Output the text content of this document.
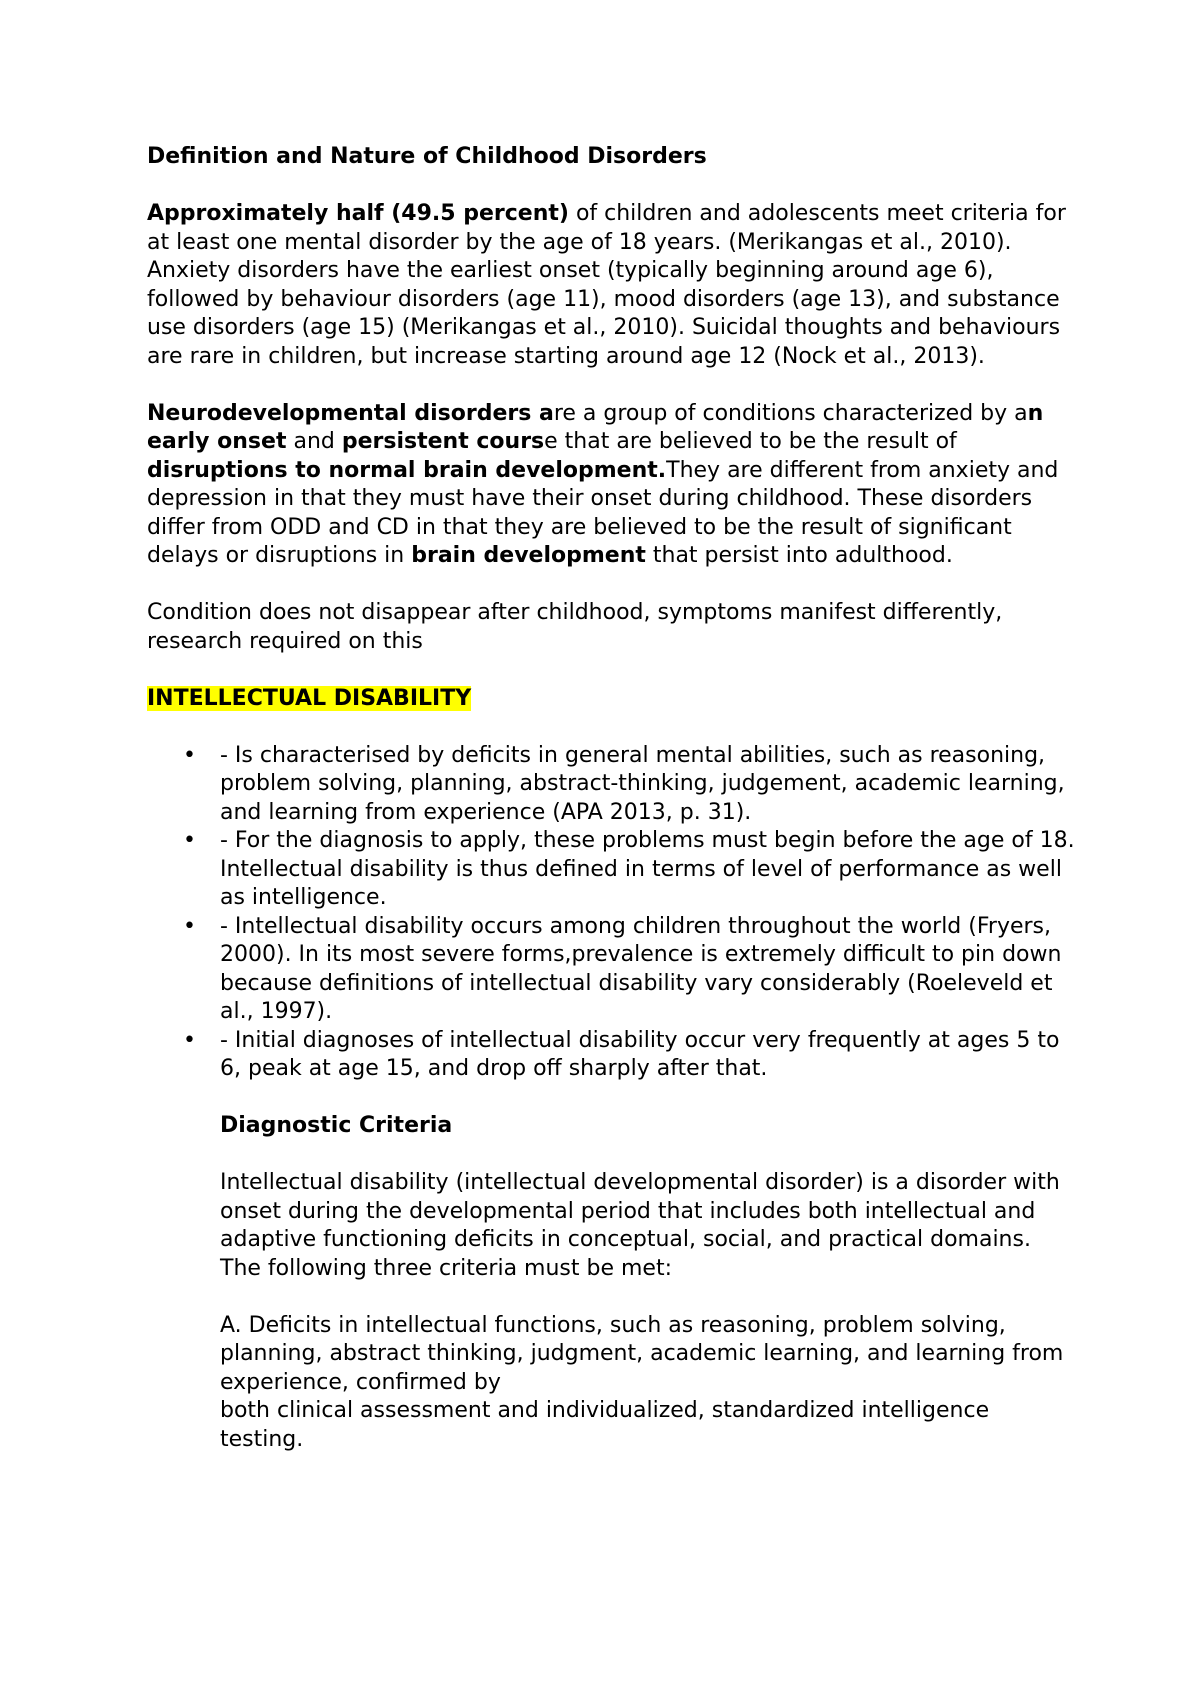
Definition and Nature of Childhood Disorders

Approximately half (49.5 percent) of children and adolescents meet criteria for at least one mental disorder by the age of 18 years. (Merikangas et al., 2010). Anxiety disorders have the earliest onset (typically beginning around age 6), followed by behaviour disorders (age 11), mood disorders (age 13), and substance use disorders (age 15) (Merikangas et al., 2010). Suicidal thoughts and behaviours are rare in children, but increase starting around age 12 (Nock et al., 2013).

Neurodevelopmental disorders are a group of conditions characterized by an early onset and persistent course that are believed to be the result of disruptions to normal brain development.They are different from anxiety and depression in that they must have their onset during childhood. These disorders differ from ODD and CD in that they are believed to be the result of significant delays or disruptions in brain development that persist into adulthood.

Condition does not disappear after childhood, symptoms manifest differently, research required on this

INTELLECTUAL DISABILITY

• - Is characterised by deficits in general mental abilities, such as reasoning, problem solving, planning, abstract-thinking, judgement, academic learning, and learning from experience (APA 2013, p. 31).
• - For the diagnosis to apply, these problems must begin before the age of 18. Intellectual disability is thus defined in terms of level of performance as well as intelligence.
• - Intellectual disability occurs among children throughout the world (Fryers, 2000). In its most severe forms,prevalence is extremely difficult to pin down because definitions of intellectual disability vary considerably (Roeleveld et al., 1997).
• - Initial diagnoses of intellectual disability occur very frequently at ages 5 to 6, peak at age 15, and drop off sharply after that.

Diagnostic Criteria

Intellectual disability (intellectual developmental disorder) is a disorder with onset during the developmental period that includes both intellectual and adaptive functioning deficits in conceptual, social, and practical domains. The following three criteria must be met:

A. Deficits in intellectual functions, such as reasoning, problem solving, planning, abstract thinking, judgment, academic learning, and learning from experience, confirmed by

both clinical assessment and individualized, standardized intelligence testing.
